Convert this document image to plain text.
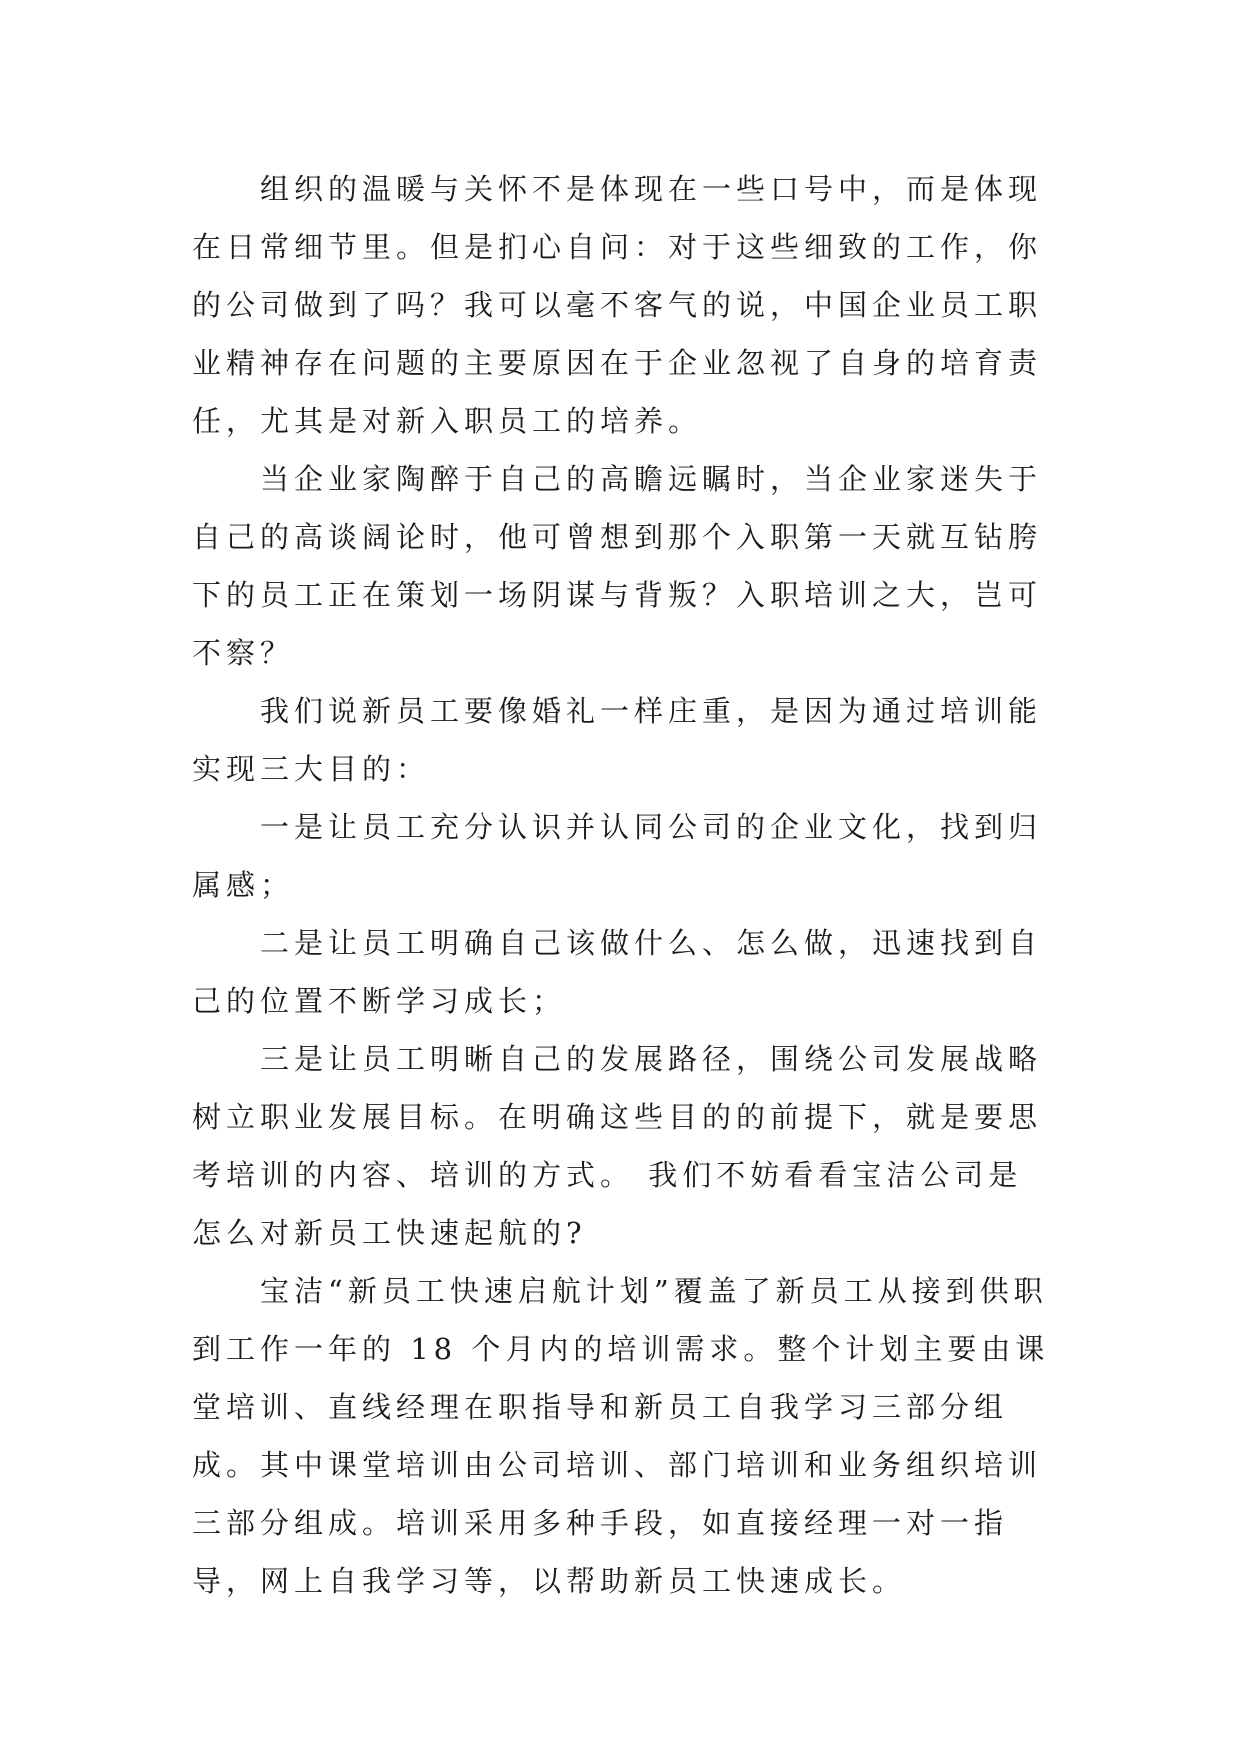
组织的温暖与关怀不是体现在一些口号中，而是体现在日常细节里。但是扪心自问：对于这些细致的工作，你的公司做到了吗？我可以毫不客气的说，中国企业员工职业精神存在问题的主要原因在于企业忽视了自身的培育责任，尤其是对新入职员工的培养。

当企业家陶醉于自己的高瞻远瞩时，当企业家迷失于自己的高谈阔论时，他可曾想到那个入职第一天就互钻胯下的员工正在策划一场阴谋与背叛？入职培训之大，岂可不察？

我们说新员工要像婚礼一样庄重，是因为通过培训能实现三大目的：

一是让员工充分认识并认同公司的企业文化，找到归属感；

二是让员工明确自己该做什么、怎么做，迅速找到自己的位置不断学习成长；

三是让员工明晰自己的发展路径，围绕公司发展战略树立职业发展目标。在明确这些目的的前提下，就是要思考培训的内容、培训的方式。 我们不妨看看宝洁公司是怎么对新员工快速起航的?

宝洁“新员工快速启航计划”覆盖了新员工从接到供职到工作一年的 18 个月内的培训需求。整个计划主要由课堂培训、直线经理在职指导和新员工自我学习三部分组成。其中课堂培训由公司培训、部门培训和业务组织培训三部分组成。培训采用多种手段，如直接经理一对一指导，网上自我学习等，以帮助新员工快速成长。
